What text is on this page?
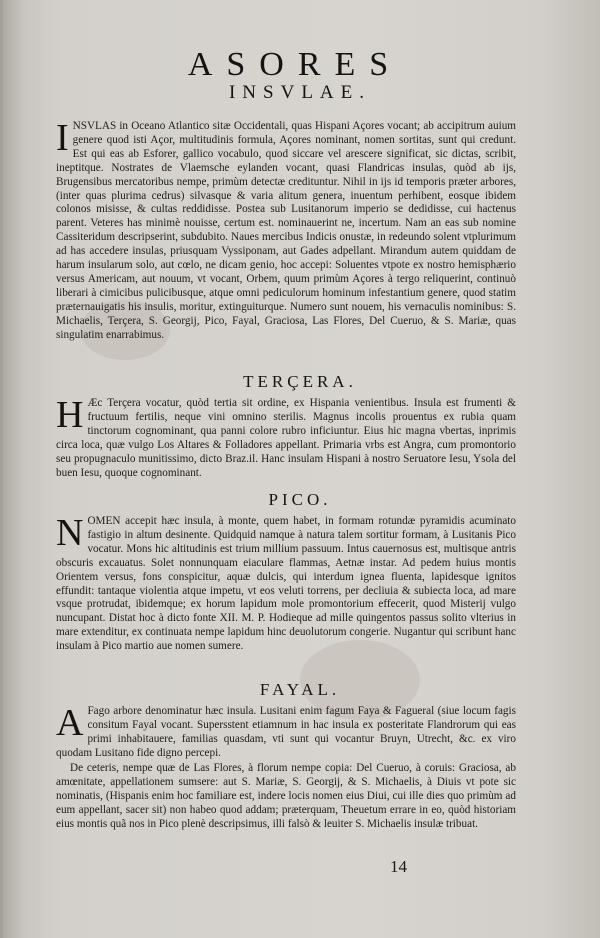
ASORES
INSVLAE.

INSVLAS in Oceano Atlantico sitæ Occidentali, quas Hispani Açores vocant; ab accipitrum auium genere quod isti Açor, multitudinis formula, Açores nominant, nomen sortitas, sunt qui credunt. Est qui eas ab Esforer, gallico vocabulo, quod siccare vel arescere significat, sic dictas, scribit, ineptitque. Nostrates de Vlaemsche eylanden vocant, quasi Flandricas insulas, quòd ab ijs, Brugensibus mercatoribus nempe, primùm detectæ credituntur. Nihil in ijs id temporis præter arbores, (inter quas plurima cedrus) silvasque & varia alitum genera, inuentum perhibent, eosque ibidem colonos misisse, & cultas reddidisse. Postea sub Lusitanorum imperio se dedidisse, cui hactenus parent. Veteres has minimè nouisse, certum est. nominauerint ne, incertum. Nam an eas sub nomine Cassiteridum descripserint, subdubito. Naues mercibus Indicis onustæ, in redeundo solent vtplurimum ad has accedere insulas, priusquam Vyssiponam, aut Gades adpellant. Mirandum autem quiddam de harum insularum solo, aut cœlo, ne dicam genio, hoc accepi: Soluentes vtpote ex nostro hemisphærio versus Americam, aut nouum, vt vocant, Orbem, quum primùm Açores à tergo reliquerint, continuò liberari à cimicibus pulicibusque, atque omni pediculorum hominum infestantium genere, quod statim præternauigatis his insulis, moritur, extinguiturque. Numero sunt nouem, his vernaculis nominibus: S. Michaelis, Terçera, S. Georgij, Pico, Fayal, Graciosa, Las Flores, Del Cueruo, & S. Mariæ, quas singulatim enarrabimus.

TERÇERA.

H Æc Terçera vocatur, quòd tertia sit ordine, ex Hispania venientibus. Insula est frumenti & fructuum fertilis, neque vini omnino sterilis. Magnus incolis prouentus ex rubia quam tinctorum cognominant, qua panni colore rubro inficiuntur. Eius hic magna vbertas, inprimis circa loca, quæ vulgo Los Altares & Folladores appellant. Primaria vrbs est Angra, cum promontorio seu propugnaculo munitissimo, dicto Braz.il. Hanc insulam Hispani à nostro Seruatore Iesu, Ysola del buen Iesu, quoque cognominant.

PICO.

NOMEN accepit hæc insula, à monte, quem habet, in formam rotundæ pyramidis acuminato fastigio in altum desinente. Quidquid namque à natura talem sortitur formam, à Lusitanis Pico vocatur. Mons hic altitudinis est trium millium passuum. Intus cauernosus est, multisque antris obscuris excauatus. Solet nonnunquam eiaculare flammas, Aetnæ instar. Ad pedem huius montis Orientem versus, fons conspicitur, aquæ dulcis, qui interdum ignea fluenta, lapidesque ignitos effundit: tantaque violentia atque impetu, vt eos veluti torrens, per decliuia & subiecta loca, ad mare vsque protrudat, ibidemque; ex horum lapidum mole promontorium effecerit, quod Misterij vulgo nuncupant. Distat hoc à dicto fonte XII. M. P. Hodieque ad mille quingentos passus solito vlterius in mare extenditur, ex continuata nempe lapidum hinc deuolutorum congerie. Nugantur qui scribunt hanc insulam à Pico martio aue nomen sumere.

FAYAL.

A Fago arbore denominatur hæc insula. Lusitani enim fagum Faya & Fagueral (siue locum fagis consitum Fayal vocant. Supersstent etiamnum in hac insula ex posteritate Flandrorum qui eas primi inhabitauere, familias quasdam, vti sunt qui vocantur Bruyn, Utrecht, &c. ex viro quodam Lusitano fide digno percepi.

De ceteris, nempe quæ de Las Flores, à florum nempe copia: Del Cueruo, à coruis: Graciosa, ab amœnitate, appellationem sumsere: aut S. Mariæ, S. Georgij, & S. Michaelis, à Diuis vt pote sic nominatis, (Hispanis enim hoc familiare est, indere locis nomen eius Diui, cui ille dies quo primùm ad eum appellant, sacer sit) non habeo quod addam; præterquam, Theuetum errare in eo, quòd historiam eius montis quã nos in Pico plenè descripsimus, illi falsò & leuiter S. Michaelis insulæ tribuat.

14
